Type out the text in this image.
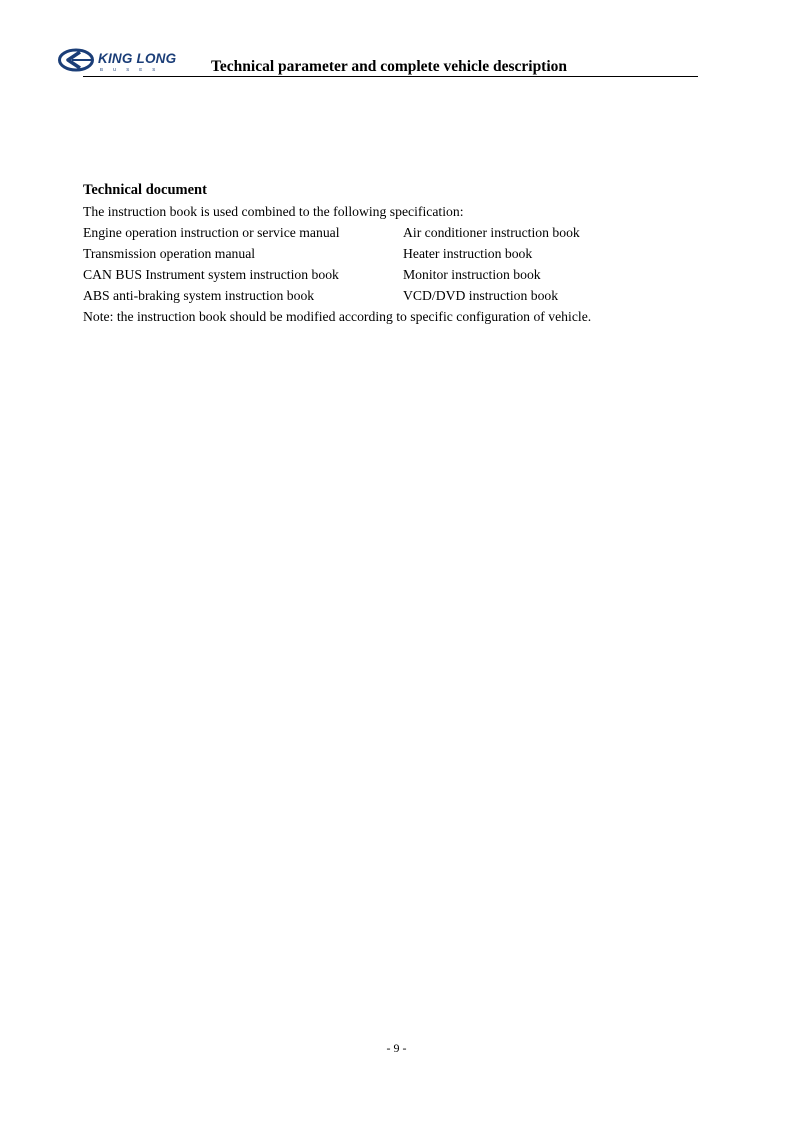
KING LONG
BUSES	Technical parameter and complete vehicle description
Technical document
The instruction book is used combined to the following specification:
Engine operation instruction or service manual	Air conditioner instruction book
Transmission operation manual	Heater instruction book
CAN BUS Instrument system instruction book	Monitor instruction book
ABS anti-braking system instruction book	VCD/DVD instruction book
Note: the instruction book should be modified according to specific configuration of vehicle.
- 9 -
